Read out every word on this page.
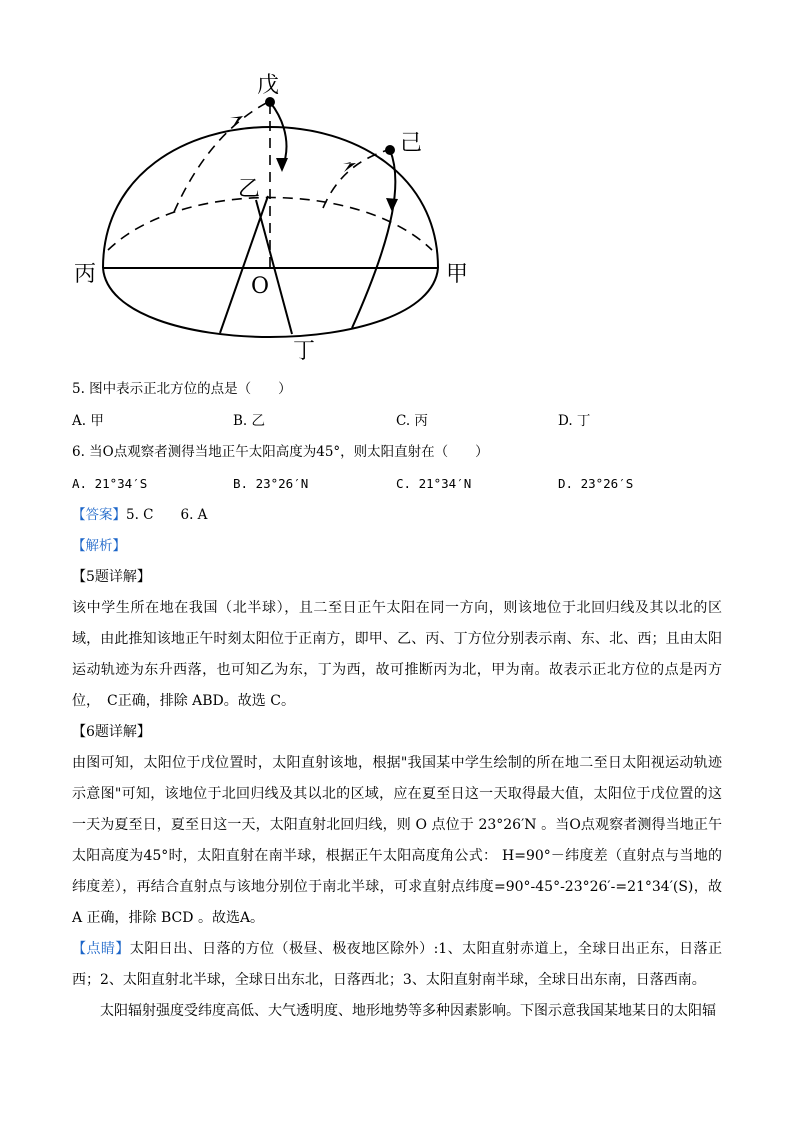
戊
己
乙
丙	甲
O
丁
5. 图中表示正北方位的点是（　　）
A. 甲	B. 乙	C. 丙	D. 丁
6. 当O点观察者测得当地正午太阳高度为45°，则太阳直射在（　　）
A. 21°34′S	B. 23°26′N	C. 21°34′N	D. 23°26′S
【答案】5. C　　6. A
【解析】

【5题详解】

该中学生所在地在我国（北半球），且二至日正午太阳在同一方向，则该地位于北回归线及其以北的区域，由此推知该地正午时刻太阳位于正南方，即甲、乙、丙、丁方位分别表示南、东、北、西；且由太阳运动轨迹为东升西落，也可知乙为东，丁为西，故可推断丙为北，甲为南。故表示正北方位的点是丙方位，　C正确，排除 ABD。故选 C。

【6题详解】

由图可知，太阳位于戊位置时，太阳直射该地，根据"我国某中学生绘制的所在地二至日太阳视运动轨迹示意图"可知，该地位于北回归线及其以北的区域，应在夏至日这一天取得最大值，太阳位于戊位置的这一天为夏至日，夏至日这一天，太阳直射北回归线，则 O 点位于 23°26′N 。当O点观察者测得当地正午太阳高度为45°时，太阳直射在南半球，根据正午太阳高度角公式： H=90°－纬度差（直射点与当地的纬度差），再结合直射点与该地分别位于南北半球，可求直射点纬度=90°-45°-23°26′-=21°34′(S)，故 A 正确，排除 BCD 。故选A。

【点睛】太阳日出、日落的方位（极昼、极夜地区除外）:1、太阳直射赤道上，全球日出正东，日落正西；2、太阳直射北半球，全球日出东北，日落西北；3、太阳直射南半球，全球日出东南，日落西南。

太阳辐射强度受纬度高低、大气透明度、地形地势等多种因素影响。下图示意我国某地某日的太阳辐
